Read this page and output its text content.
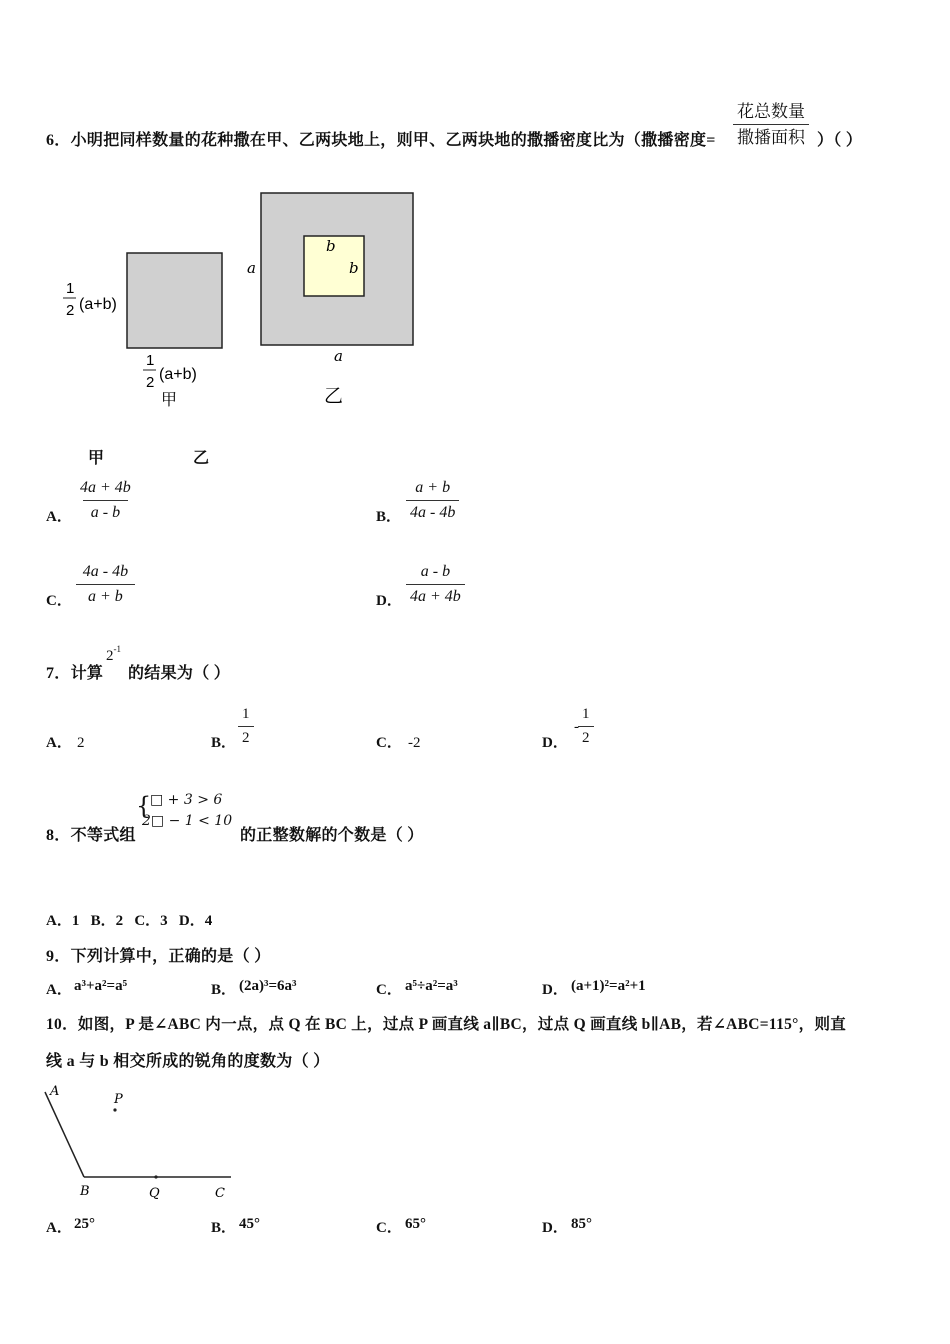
6．小明把同样数量的花种撒在甲、乙两块地上，则甲、乙两块地的撒播密度比为（撒播密度=
花总数量
撒播面积 ）（ ）
1
2 (a+b)
1
2 (a+b)
甲
a
a
b
b
乙
甲	乙
A． $\frac{4a + 4b}{a - b}$	B． $\frac{a + b}{4a - 4b}$
C． $\frac{4a - 4b}{a + b}$	D． $\frac{a - b}{4a + 4b}$
7．计算
$2^{-1}$
的结果为（ ）
A． 2	B． $\frac{1}{2}$	C． -2	D．
- $\frac{1}{2}$
8．不等式组
{
□ + 3 > 6
2□ − 1 < 10
的正整数解的个数是（ ）
A．1   B．2   C．3   D．4
9．下列计算中，正确的是（ ）
A． a³+a²=a⁵	B． (2a)³=6a³	C． a⁵÷a²=a³	D． (a+1)²=a²+1
10．如图，P 是∠ABC 内一点，点 Q 在 BC 上，过点 P 画直线 a∥BC，过点 Q 画直线 b∥AB，若∠ABC=115°，则直
线 a 与 b 相交所成的锐角的度数为（ ）
A
P
B	Q	C
A． 25°	B． 45°	C． 65°	D． 85°
